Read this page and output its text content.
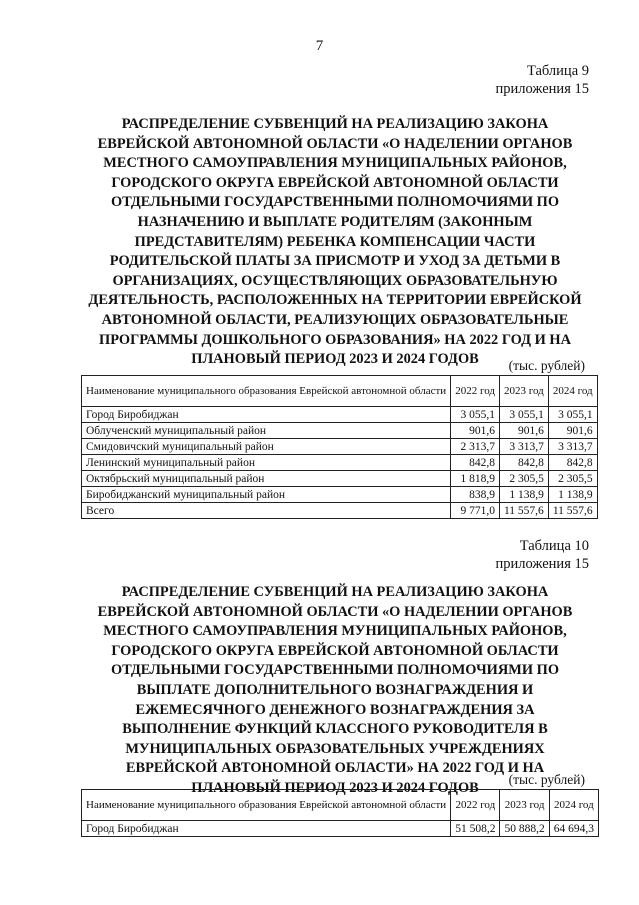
7
Таблица 9
приложения 15
РАСПРЕДЕЛЕНИЕ СУБВЕНЦИЙ НА РЕАЛИЗАЦИЮ ЗАКОНА ЕВРЕЙСКОЙ АВТОНОМНОЙ ОБЛАСТИ «О НАДЕЛЕНИИ ОРГАНОВ МЕСТНОГО САМОУПРАВЛЕНИЯ МУНИЦИПАЛЬНЫХ РАЙОНОВ, ГОРОДСКОГО ОКРУГА ЕВРЕЙСКОЙ АВТОНОМНОЙ ОБЛАСТИ ОТДЕЛЬНЫМИ ГОСУДАРСТВЕННЫМИ ПОЛНОМОЧИЯМИ ПО НАЗНАЧЕНИЮ И ВЫПЛАТЕ РОДИТЕЛЯМ (ЗАКОННЫМ ПРЕДСТАВИТЕЛЯМ) РЕБЕНКА КОМПЕНСАЦИИ ЧАСТИ РОДИТЕЛЬСКОЙ ПЛАТЫ ЗА ПРИСМОТР И УХОД ЗА ДЕТЬМИ В ОРГАНИЗАЦИЯХ, ОСУЩЕСТВЛЯЮЩИХ ОБРАЗОВАТЕЛЬНУЮ ДЕЯТЕЛЬНОСТЬ, РАСПОЛОЖЕННЫХ НА ТЕРРИТОРИИ ЕВРЕЙСКОЙ АВТОНОМНОЙ ОБЛАСТИ, РЕАЛИЗУЮЩИХ ОБРАЗОВАТЕЛЬНЫЕ ПРОГРАММЫ ДОШКОЛЬНОГО ОБРАЗОВАНИЯ» НА 2022 ГОД И НА ПЛАНОВЫЙ ПЕРИОД 2023 И 2024 ГОДОВ	(тыс. рублей)
Наименование муниципального образования Еврейской автономной области	2022 год	2023 год	2024 год
Город Биробиджан	3 055,1	3 055,1	3 055,1
Облученский муниципальный район	901,6	901,6	901,6
Смидовичский муниципальный район	2 313,7	3 313,7	3 313,7
Ленинский муниципальный район	842,8	842,8	842,8
Октябрьский муниципальный район	1 818,9	2 305,5	2 305,5
Биробиджанский муниципальный район	838,9	1 138,9	1 138,9
Всего	9 771,0	11 557,6	11 557,6
Таблица 10
приложения 15
РАСПРЕДЕЛЕНИЕ СУБВЕНЦИЙ НА РЕАЛИЗАЦИЮ ЗАКОНА ЕВРЕЙСКОЙ АВТОНОМНОЙ ОБЛАСТИ «О НАДЕЛЕНИИ ОРГАНОВ МЕСТНОГО САМОУПРАВЛЕНИЯ МУНИЦИПАЛЬНЫХ РАЙОНОВ, ГОРОДСКОГО ОКРУГА ЕВРЕЙСКОЙ АВТОНОМНОЙ ОБЛАСТИ ОТДЕЛЬНЫМИ ГОСУДАРСТВЕННЫМИ ПОЛНОМОЧИЯМИ ПО ВЫПЛАТЕ ДОПОЛНИТЕЛЬНОГО ВОЗНАГРАЖДЕНИЯ И ЕЖЕМЕСЯЧНОГО ДЕНЕЖНОГО ВОЗНАГРАЖДЕНИЯ ЗА ВЫПОЛНЕНИЕ ФУНКЦИЙ КЛАССНОГО РУКОВОДИТЕЛЯ В МУНИЦИПАЛЬНЫХ ОБРАЗОВАТЕЛЬНЫХ УЧРЕЖДЕНИЯХ ЕВРЕЙСКОЙ АВТОНОМНОЙ ОБЛАСТИ» НА 2022 ГОД И НА ПЛАНОВЫЙ ПЕРИОД 2023 И 2024 ГОДОВ
(тыс. рублей)
Наименование муниципального образования Еврейской автономной области	2022 год	2023 год	2024 год
Город Биробиджан	51 508,2	50 888,2	64 694,3
